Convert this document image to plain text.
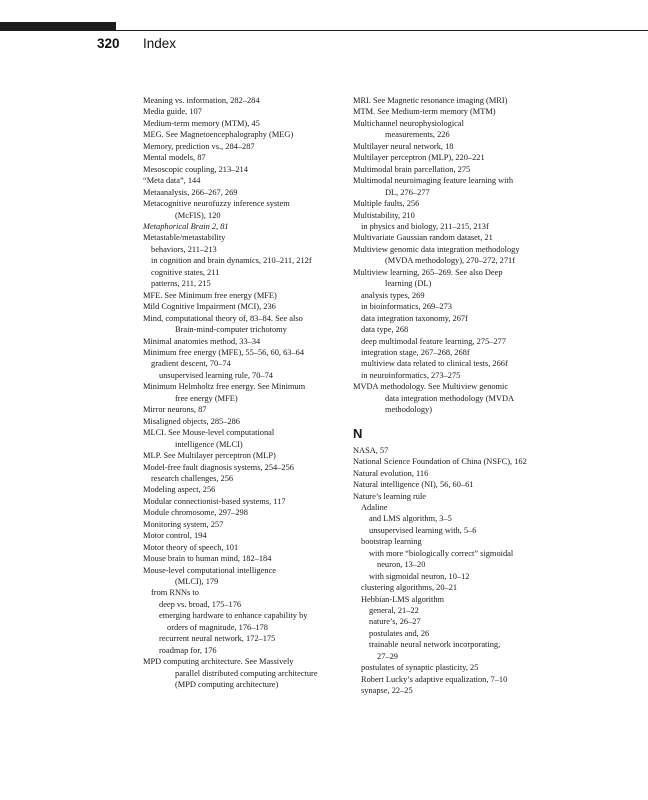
320 Index
Meaning vs. information, 282–284
Media guide, 107
Medium-term memory (MTM), 45
MEG. See Magnetoencephalography (MEG)
Memory, prediction vs., 284–287
Mental models, 87
Mesoscopic coupling, 213–214
“Meta data”, 144
Metaanalysis, 266–267, 269
Metacognitive neurofuzzy inference system
(McFIS), 120
Metaphorical Brain 2, 81
Metastable/metastability
behaviors, 211–213
in cognition and brain dynamics, 210–211, 212f
cognitive states, 211
patterns, 211, 215
MFE. See Minimum free energy (MFE)
Mild Cognitive Impairment (MCI), 236
Mind, computational theory of, 83–84. See also
Brain-mind-computer trichotomy
Minimal anatomies method, 33–34
Minimum free energy (MFE), 55–56, 60, 63–64
gradient descent, 70–74
unsupervised learning rule, 70–74
Minimum Helmholtz free energy. See Minimum
free energy (MFE)
Mirror neurons, 87
Misaligned objects, 285–286
MLCI. See Mouse-level computational
intelligence (MLCI)
MLP. See Multilayer perceptron (MLP)
Model-free fault diagnosis systems, 254–256
research challenges, 256
Modeling aspect, 256
Modular connectionist-based systems, 117
Module chromosome, 297–298
Monitoring system, 257
Motor control, 194
Motor theory of speech, 101
Mouse brain to human mind, 182–184
Mouse-level computational intelligence
(MLCI), 179
from RNNs to
deep vs. broad, 175–176
emerging hardware to enhance capability by
orders of magnitude, 176–178
recurrent neural network, 172–175
roadmap for, 176
MPD computing architecture. See Massively
parallel distributed computing architecture
(MPD computing architecture)
MRI. See Magnetic resonance imaging (MRI)
MTM. See Medium-term memory (MTM)
Multichannel neurophysiological
measurements, 226
Multilayer neural network, 18
Multilayer perceptron (MLP), 220–221
Multimodal brain parcellation, 275
Multimodal neuroimaging feature learning with
DL, 276–277
Multiple faults, 256
Multistability, 210
in physics and biology, 211–215, 213f
Multivariate Gaussian random dataset, 21
Multiview genomic data integration methodology
(MVDA methodology), 270–272, 271f
Multiview learning, 265–269. See also Deep
learning (DL)
analysis types, 269
in bioinformatics, 269–273
data integration taxonomy, 267f
data type, 268
deep multimodal feature learning, 275–277
integration stage, 267–268, 268f
multiview data related to clinical tests, 266f
in neuroinformatics, 273–275
MVDA methodology. See Multiview genomic
data integration methodology (MVDA
methodology)
N
NASA, 57
National Science Foundation of China (NSFC), 162
Natural evolution, 116
Natural intelligence (NI), 56, 60–61
Nature’s learning rule
Adaline
and LMS algorithm, 3–5
unsupervised learning with, 5–6
bootstrap learning
with more “biologically correct” sigmoidal
neuron, 13–20
with sigmoidal neuron, 10–12
clustering algorithms, 20–21
Hebbian-LMS algorithm
general, 21–22
nature’s, 26–27
postulates and, 26
trainable neural network incorporating,
27–29
postulates of synaptic plasticity, 25
Robert Lucky’s adaptive equalization, 7–10
synapse, 22–25
